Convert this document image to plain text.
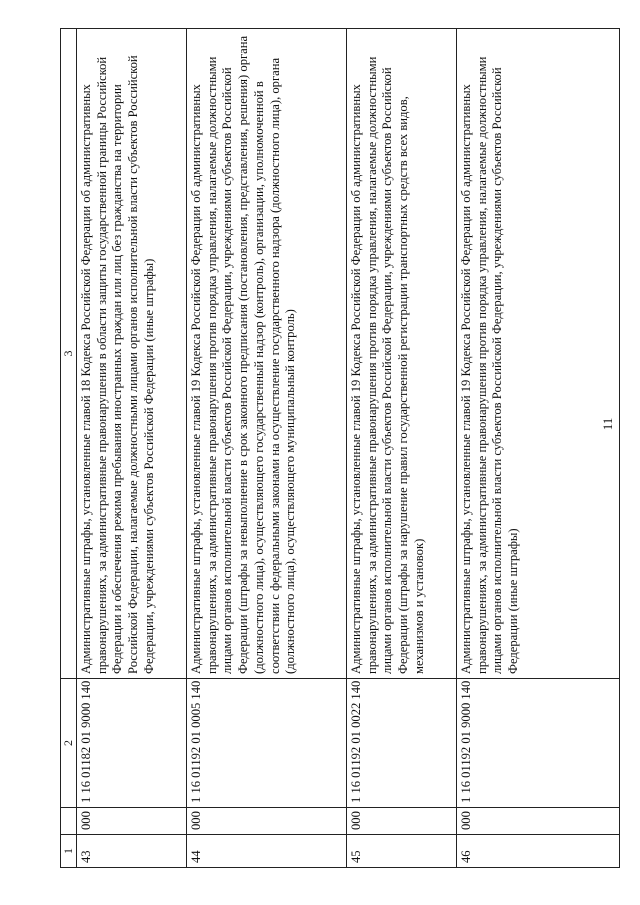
11
1		2	3
43	000	1 16 01182 01 9000 140	Административные штрафы, установленные главой 18 Кодекса Российской Федерации об административных правонарушениях, за административные правонарушения в области защиты государственной границы Российской Федерации и обеспечения режима пребывания иностранных граждан или лиц без гражданства на территории Российской Федерации, налагаемые должностными лицами органов исполнительной власти субъектов Российской Федерации, учреждениями субъектов Российской Федерации (иные штрафы)
44	000	1 16 01192 01 0005 140	Административные штрафы, установленные главой 19 Кодекса Российской Федерации об административных правонарушениях, за административные правонарушения против порядка управления, налагаемые должностными лицами органов исполнительной власти субъектов Российской Федерации, учреждениями субъектов Российской Федерации (штрафы за невыполнение в срок законного предписания (постановления, представления, решения) органа (должностного лица), осуществляющего государственный надзор (контроль), организации, уполномоченной в соответствии с федеральными законами на осуществление государственного надзора (должностного лица), органа (должностного лица), осуществляющего муниципальный контроль)
45	000	1 16 01192 01 0022 140	Административные штрафы, установленные главой 19 Кодекса Российской Федерации об административных правонарушениях, за административные правонарушения против порядка управления, налагаемые должностными лицами органов исполнительной власти субъектов Российской Федерации, учреждениями субъектов Российской Федерации (штрафы за нарушение правил государственной регистрации транспортных средств всех видов, механизмов и установок)
46	000	1 16 01192 01 9000 140	Административные штрафы, установленные главой 19 Кодекса Российской Федерации об административных правонарушениях, за административные правонарушения против порядка управления, налагаемые должностными лицами органов исполнительной власти субъектов Российской Федерации, учреждениями субъектов Российской Федерации (иные штрафы)
